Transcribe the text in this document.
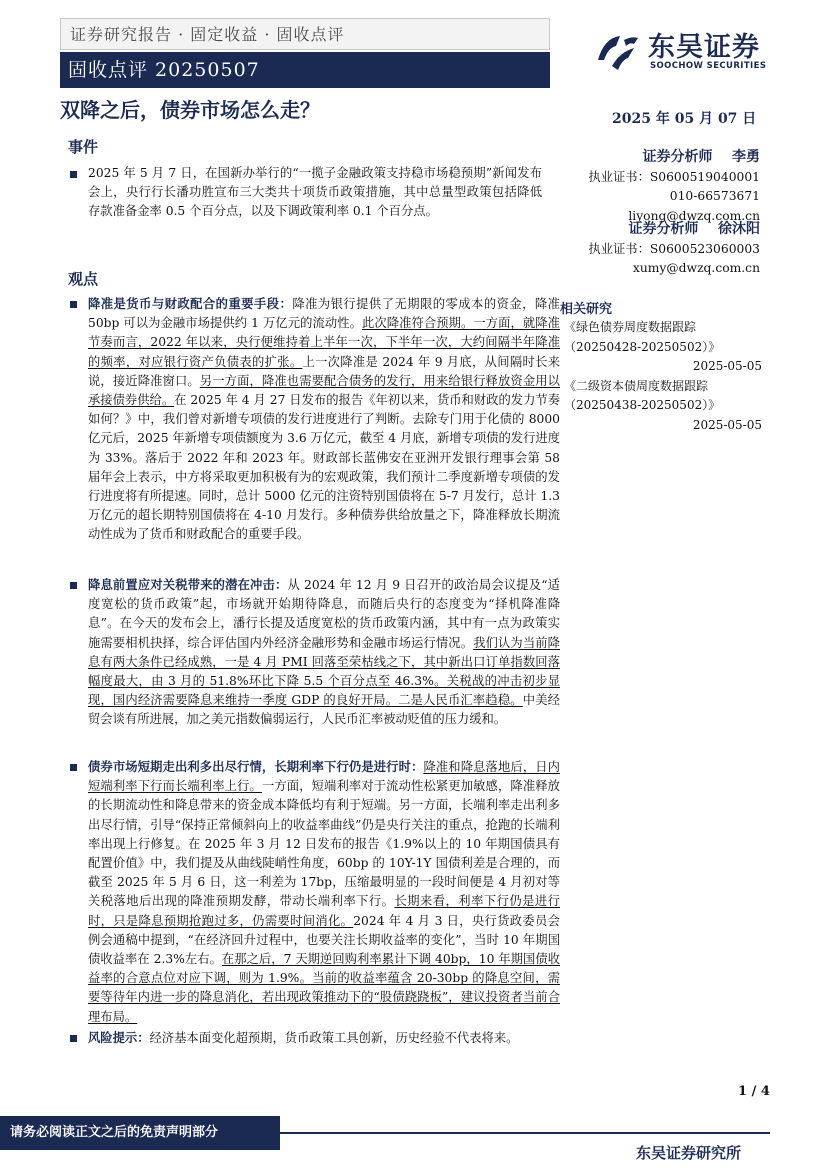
证券研究报告 · 固定收益 · 固收点评
固收点评 20250507
东吴证券
SOOCHOW SECURITIES
双降之后，债券市场怎么走？	2025 年 05 月 07 日
事件
2025 年 5 月 7 日，在国新办举行的“一揽子金融政策支持稳市场稳预期”新闻发布会上，央行行长潘功胜宣布三大类共十项货币政策措施，其中总量型政策包括降低存款准备金率 0.5 个百分点，以及下调政策利率 0.1 个百分点。
观点
降准是货币与财政配合的重要手段：降准为银行提供了无期限的零成本的资金，降准 50bp 可以为金融市场提供约 1 万亿元的流动性。此次降准符合预期。一方面，就降准节奏而言，2022 年以来，央行便维持着上半年一次，下半年一次，大约间隔半年降准的频率，对应银行资产负债表的扩张。上一次降准是 2024 年 9 月底，从间隔时长来说，接近降准窗口。另一方面，降准也需要配合债务的发行，用来给银行释放资金用以承接债券供给。在 2025 年 4 月 27 日发布的报告《年初以来，货币和财政的发力节奏如何？》中，我们曾对新增专项债的发行进度进行了判断。去除专门用于化债的 8000 亿元后，2025 年新增专项债额度为 3.6 万亿元，截至 4 月底，新增专项债的发行进度为 33%。落后于 2022 年和 2023 年。财政部长蓝佛安在亚洲开发银行理事会第 58 届年会上表示，中方将采取更加积极有为的宏观政策，我们预计二季度新增专项债的发行进度将有所提速。同时，总计 5000 亿元的注资特别国债将在 5-7 月发行，总计 1.3 万亿元的超长期特别国债将在 4-10 月发行。多种债券供给放量之下，降准释放长期流动性成为了货币和财政配合的重要手段。
降息前置应对关税带来的潜在冲击：从 2024 年 12 月 9 日召开的政治局会议提及“适度宽松的货币政策”起，市场就开始期待降息，而随后央行的态度变为“择机降准降息”。在今天的发布会上，潘行长提及适度宽松的货币政策内涵，其中有一点为政策实施需要相机抉择，综合评估国内外经济金融形势和金融市场运行情况。我们认为当前降息有两大条件已经成熟，一是 4 月 PMI 回落至荣枯线之下，其中新出口订单指数回落幅度最大，由 3 月的 51.8%环比下降 5.5 个百分点至 46.3%。关税战的冲击初步显现，国内经济需要降息来维持一季度 GDP 的良好开局。二是人民币汇率趋稳。中美经贸会谈有所进展，加之美元指数偏弱运行，人民币汇率被动贬值的压力缓和。
债券市场短期走出利多出尽行情，长期利率下行仍是进行时：降准和降息落地后，日内短端利率下行而长端利率上行。一方面，短端利率对于流动性松紧更加敏感，降准释放的长期流动性和降息带来的资金成本降低均有利于短端。另一方面，长端利率走出利多出尽行情，引导“保持正常倾斜向上的收益率曲线”仍是央行关注的重点，抢跑的长端利率出现上行修复。在 2025 年 3 月 12 日发布的报告《1.9%以上的 10 年期国债具有配置价值》中，我们提及从曲线陡峭性角度，60bp 的 10Y-1Y 国债利差是合理的，而截至 2025 年 5 月 6 日，这一利差为 17bp，压缩最明显的一段时间便是 4 月初对等关税落地后出现的降准预期发酵，带动长端利率下行。长期来看，利率下行仍是进行时，只是降息预期抢跑过多，仍需要时间消化。2024 年 4 月 3 日，央行货政委员会例会通稿中提到，“在经济回升过程中，也要关注长期收益率的变化”，当时 10 年期国债收益率在 2.3%左右。在那之后，7 天期逆回购利率累计下调 40bp，10 年期国债收益率的合意点位对应下调，则为 1.9%。当前的收益率蕴含 20-30bp 的降息空间，需要等待年内进一步的降息消化，若出现政策推动下的“股债跷跷板”，建议投资者当前合理布局。
风险提示：经济基本面变化超预期，货币政策工具创新，历史经验不代表将来。
证券分析师 李勇
执业证书：S0600519040001
010-66573671
liyong@dwzq.com.cn
证券分析师 徐沐阳
执业证书：S0600523060003
xumy@dwzq.com.cn
相关研究
《绿色债券周度数据跟踪（20250428-20250502）》
2025-05-05
《二级资本债周度数据跟踪（20250438-20250502）》
2025-05-05
1 / 4
请务必阅读正文之后的免责声明部分
东吴证券研究所
